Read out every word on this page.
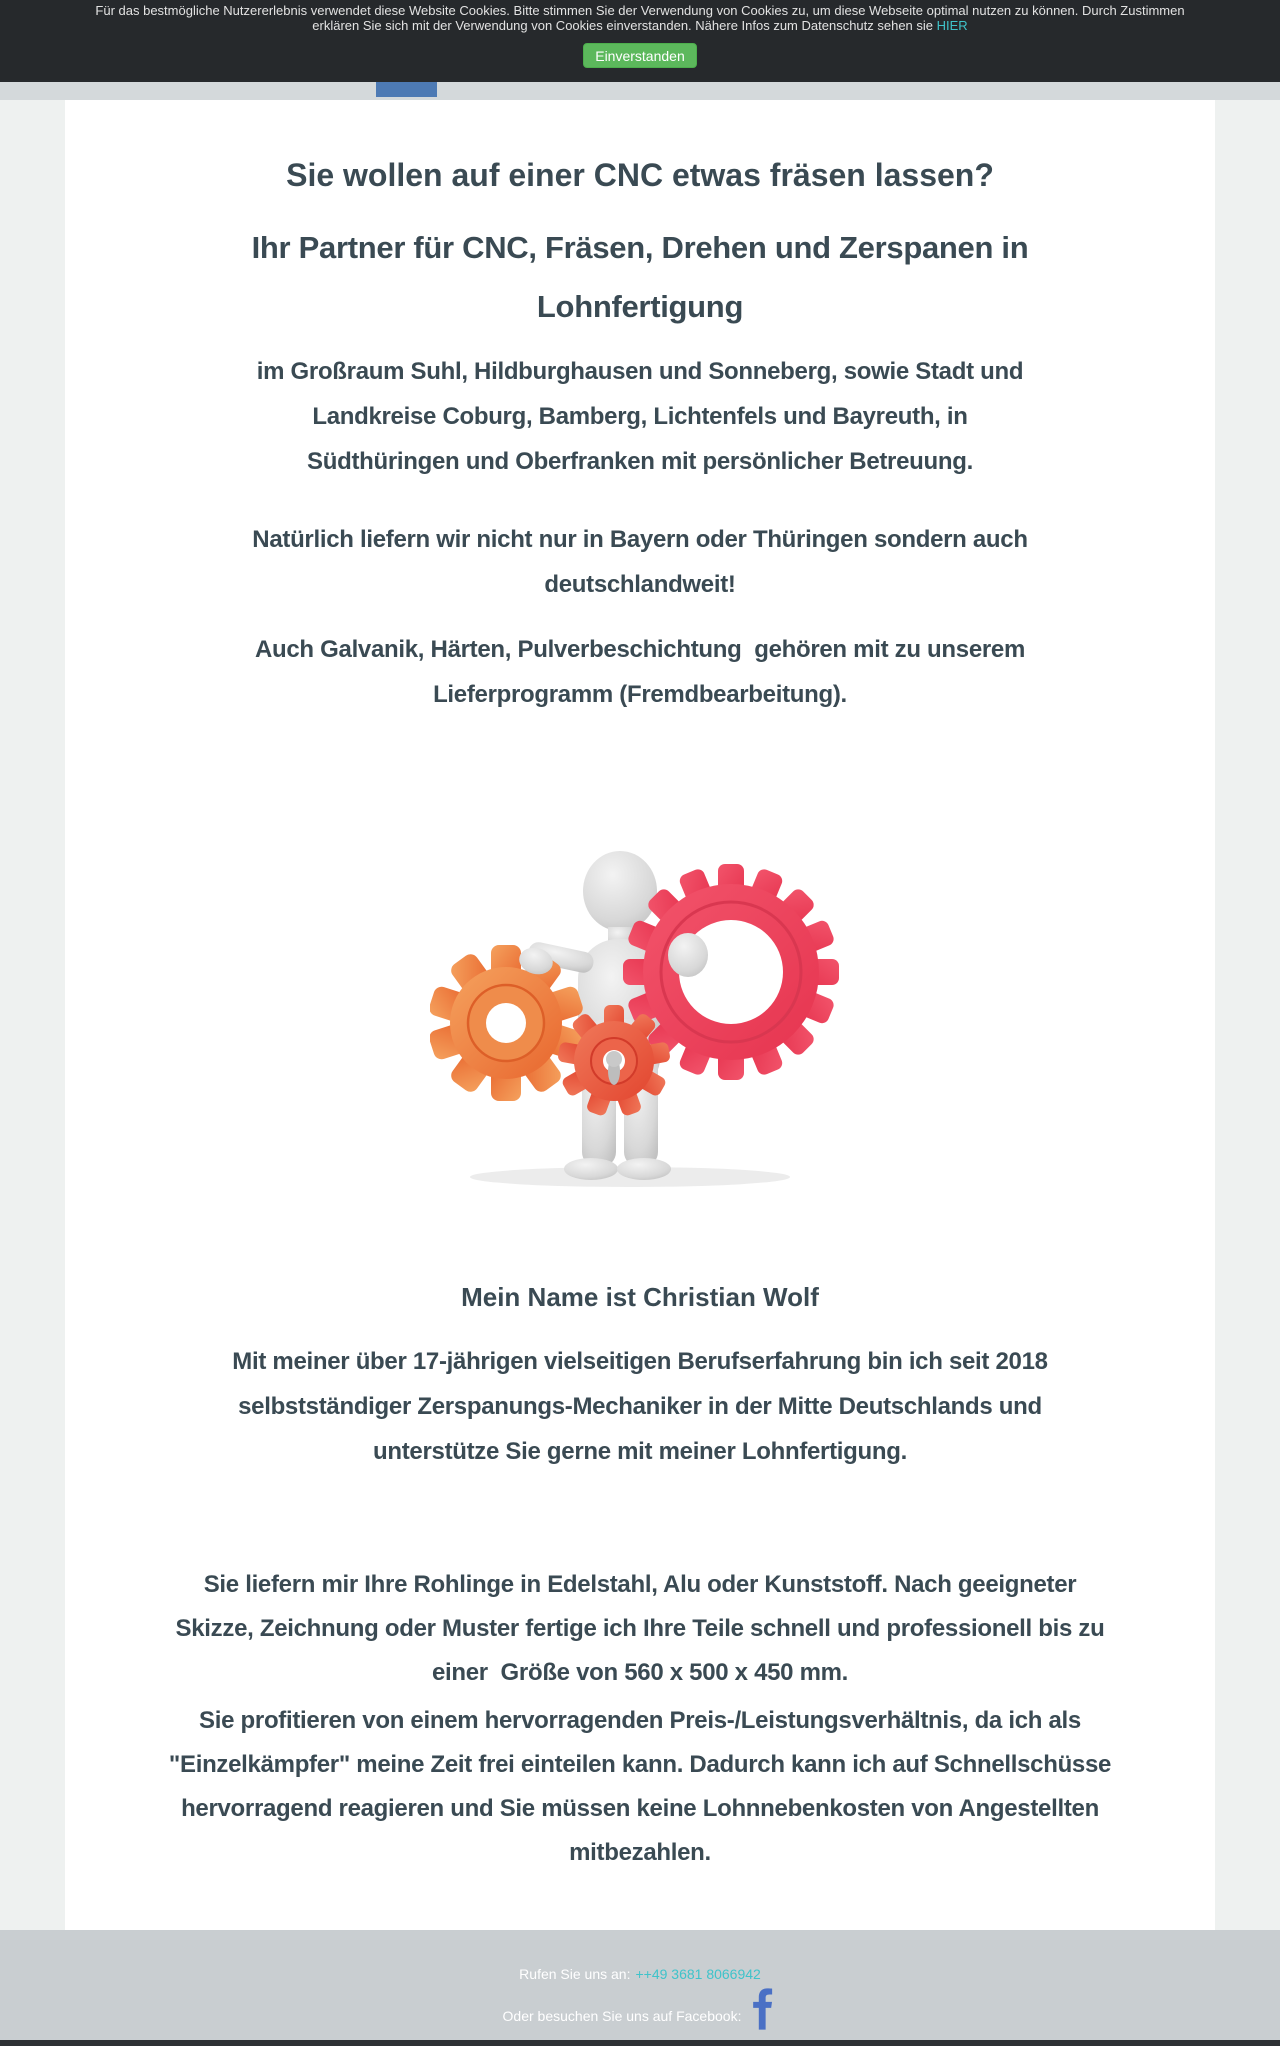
Für das bestmögliche Nutzererlebnis verwendet diese Website Cookies. Bitte stimmen Sie der Verwendung von Cookies zu, um diese Webseite optimal nutzen zu können. Durch Zustimmen
erklären Sie sich mit der Verwendung von Cookies einverstanden. Nähere Infos zum Datenschutz sehen sie HIER
Einverstanden
Sie wollen auf einer CNC etwas fräsen lassen?
Ihr Partner für CNC, Fräsen, Drehen und Zerspanen in
Lohnfertigung

im Großraum Suhl, Hildburghausen und Sonneberg, sowie Stadt und
Landkreise Coburg, Bamberg, Lichtenfels und Bayreuth, in
Südthüringen und Oberfranken mit persönlicher Betreuung.

Natürlich liefern wir nicht nur in Bayern oder Thüringen sondern auch
deutschlandweit!

Auch Galvanik, Härten, Pulverbeschichtung  gehören mit zu unserem
Lieferprogramm (Fremdbearbeitung).

Mein Name ist Christian Wolf

Mit meiner über 17-jährigen vielseitigen Berufserfahrung bin ich seit 2018
selbstständiger Zerspanungs-Mechaniker in der Mitte Deutschlands und
unterstütze Sie gerne mit meiner Lohnfertigung.

Sie liefern mir Ihre Rohlinge in Edelstahl, Alu oder Kunststoff. Nach geeigneter
Skizze, Zeichnung oder Muster fertige ich Ihre Teile schnell und professionell bis zu
einer  Größe von 560 x 500 x 450 mm.

Sie profitieren von einem hervorragenden Preis-/Leistungsverhältnis, da ich als
"Einzelkämpfer" meine Zeit frei einteilen kann. Dadurch kann ich auf Schnellschüsse
hervorragend reagieren und Sie müssen keine Lohnnebenkosten von Angestellten
mitbezahlen.

Rufen Sie uns an: ++49 3681 8066942
Oder besuchen Sie uns auf Facebook:
